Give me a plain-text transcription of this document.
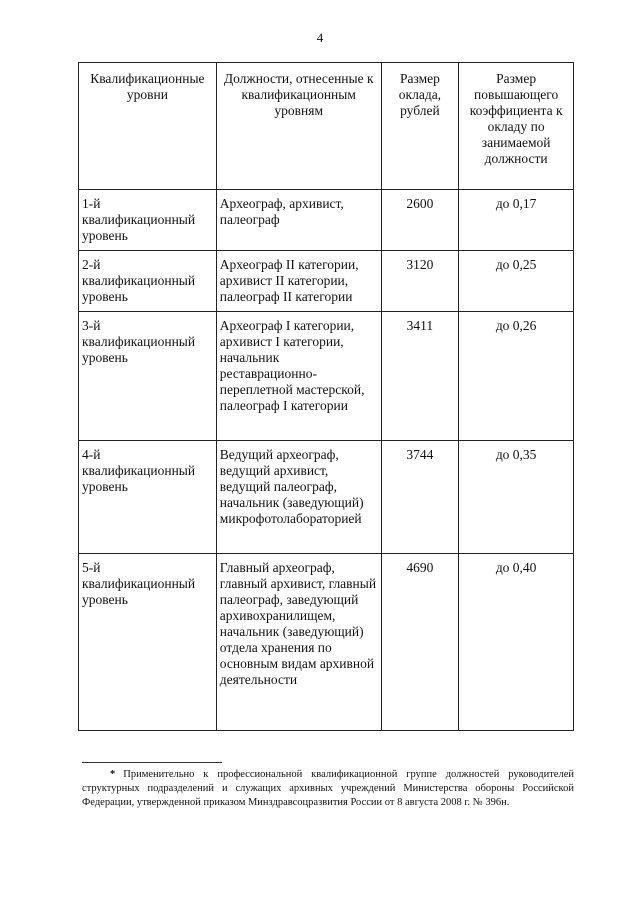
4
Квалификационные уровни	Должности, отнесенные к квалификационным уровням	Размер оклада, рублей	Размер повышающего коэффициента к окладу по занимаемой должности
1-й квалификационный уровень	Археограф, архивист, палеограф	2600	до 0,17
2-й квалификационный уровень	Археограф II категории, архивист II категории, палеограф II категории	3120	до 0,25
3-й квалификационный уровень	Археограф I категории, архивист I категории, начальник реставрационно-переплетной мастерской, палеограф I категории	3411	до 0,26
4-й квалификационный уровень	Ведущий археограф, ведущий архивист, ведущий палеограф, начальник (заведующий) микрофотолабораторией	3744	до 0,35
5-й квалификационный уровень	Главный археограф, главный архивист, главный палеограф, заведующий архивохранилищем, начальник (заведующий) отдела хранения по основным видам архивной деятельности	4690	до 0,40
* Применительно к профессиональной квалификационной группе должностей руководителей структурных подразделений и служащих архивных учреждений Министерства обороны Российской Федерации, утвержденной приказом Минздравсоцразвития России от 8 августа 2008 г. № 396н.
